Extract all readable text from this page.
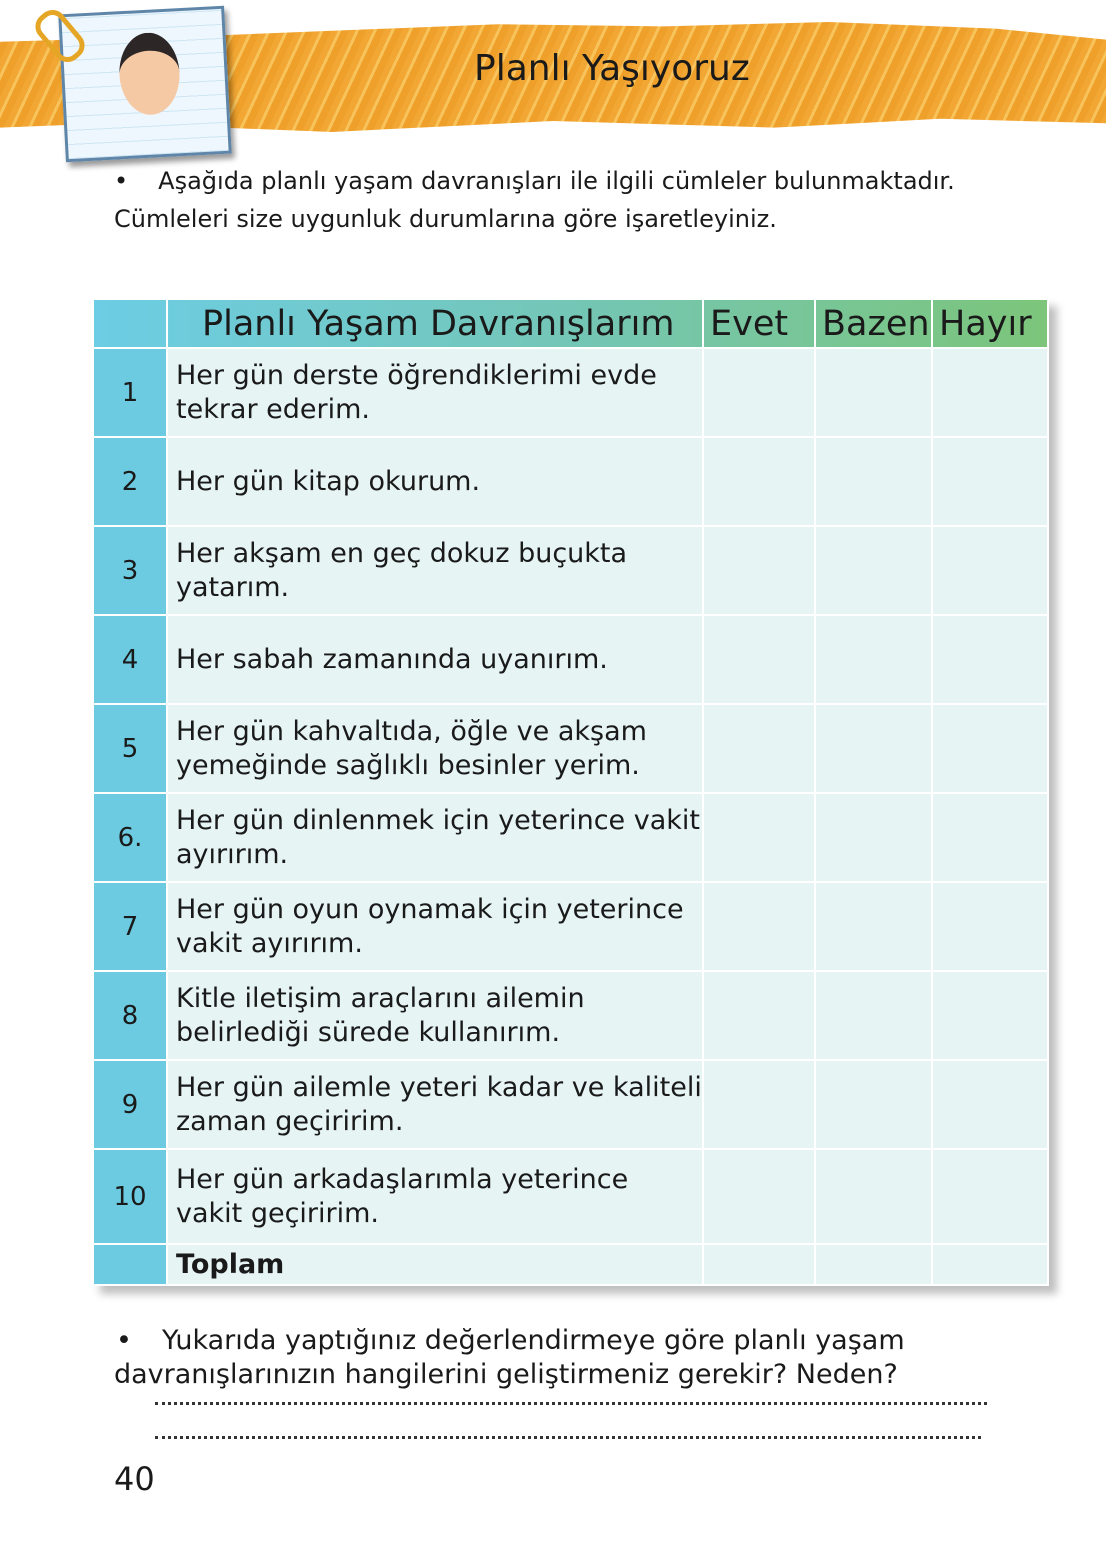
Planlı Yaşıyoruz
• Aşağıda planlı yaşam davranışları ile ilgili cümleler bulunmaktadır. Cümleleri size uygunluk durumlarına göre işaretleyiniz.
	Planlı Yaşam Davranışlarım	Evet	Bazen	Hayır
1	Her gün derste öğrendiklerimi evde tekrar ederim.			
2	Her gün kitap okurum.			
3	Her akşam en geç dokuz buçukta yatarım.			
4	Her sabah zamanında uyanırım.			
5	Her gün kahvaltıda, öğle ve akşam yemeğinde sağlıklı besinler yerim.			
6.	Her gün dinlenmek için yeterince vakit ayırırım.			
7	Her gün oyun oynamak için yeterince vakit ayırırım.			
8	Kitle iletişim araçlarını ailemin belirlediği sürede kullanırım.			
9	Her gün ailemle yeteri kadar ve kaliteli zaman geçiririm.			
10	Her gün arkadaşlarımla yeterince vakit geçiririm.			
	Toplam			
• Yukarıda yaptığınız değerlendirmeye göre planlı yaşam davranışlarınızın hangilerini geliştirmeniz gerekir? Neden?
40
